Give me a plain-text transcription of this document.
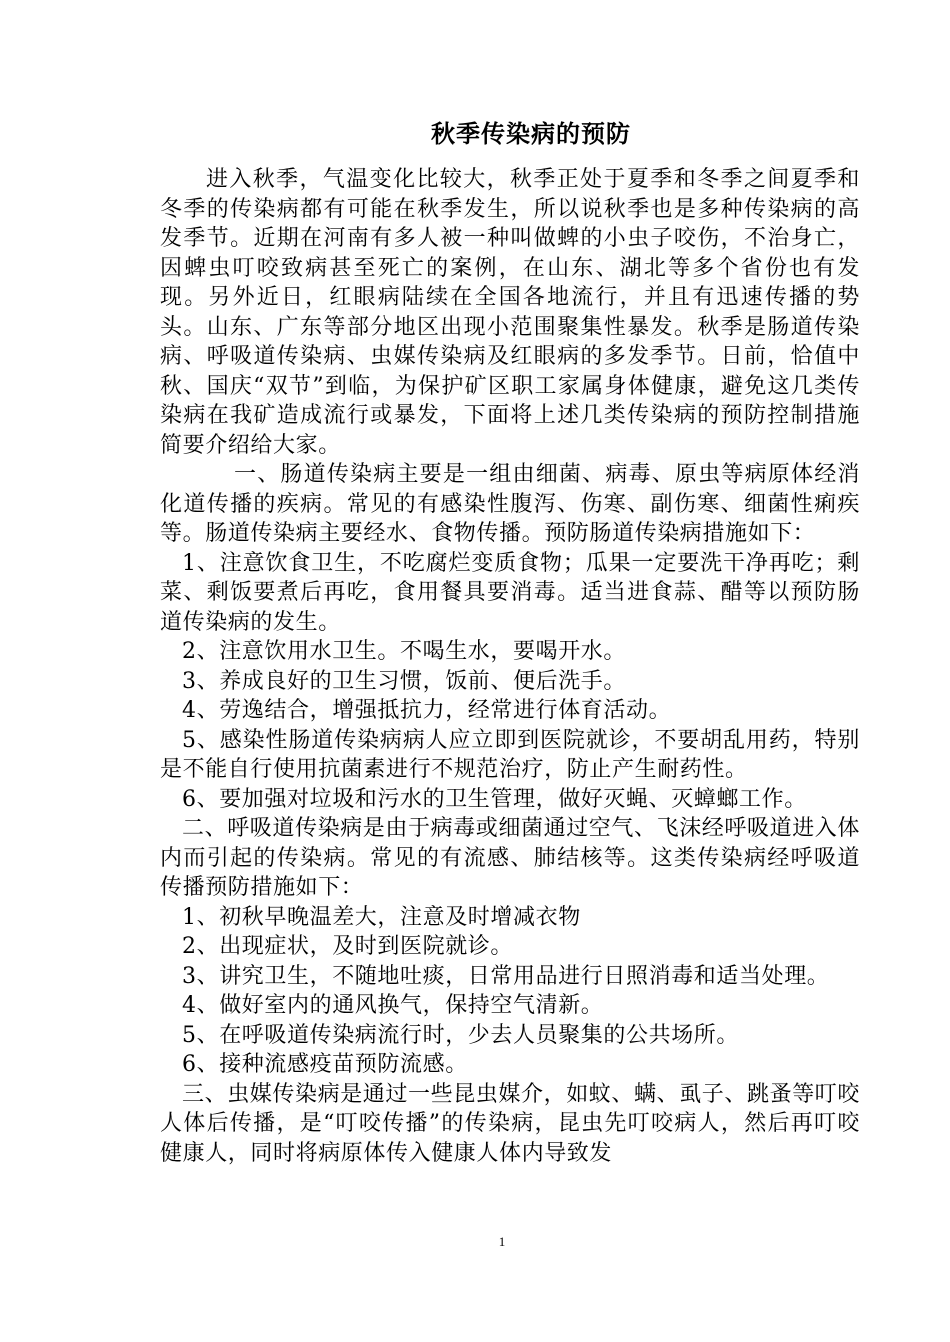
秋季传染病的预防

进入秋季，气温变化比较大，秋季正处于夏季和冬季之间夏季和冬季的传染病都有可能在秋季发生，所以说秋季也是多种传染病的高发季节。近期在河南有多人被一种叫做蜱的小虫子咬伤，不治身亡，因蜱虫叮咬致病甚至死亡的案例，在山东、湖北等多个省份也有发现。另外近日，红眼病陆续在全国各地流行，并且有迅速传播的势头。山东、广东等部分地区出现小范围聚集性暴发。秋季是肠道传染病、呼吸道传染病、虫媒传染病及红眼病的多发季节。日前，恰值中秋、国庆“双节”到临，为保护矿区职工家属身体健康，避免这几类传染病在我矿造成流行或暴发，下面将上述几类传染病的预防控制措施简要介绍给大家。

一、肠道传染病主要是一组由细菌、病毒、原虫等病原体经消化道传播的疾病。常见的有感染性腹泻、伤寒、副伤寒、细菌性痢疾等。肠道传染病主要经水、食物传播。预防肠道传染病措施如下：

1、注意饮食卫生，不吃腐烂变质食物；瓜果一定要洗干净再吃；剩菜、剩饭要煮后再吃，食用餐具要消毒。适当进食蒜、醋等以预防肠道传染病的发生。

2、注意饮用水卫生。不喝生水，要喝开水。

3、养成良好的卫生习惯，饭前、便后洗手。

4、劳逸结合，增强抵抗力，经常进行体育活动。

5、感染性肠道传染病病人应立即到医院就诊，不要胡乱用药，特别是不能自行使用抗菌素进行不规范治疗，防止产生耐药性。

6、要加强对垃圾和污水的卫生管理，做好灭蝇、灭蟑螂工作。

二、呼吸道传染病是由于病毒或细菌通过空气、飞沫经呼吸道进入体内而引起的传染病。常见的有流感、肺结核等。这类传染病经呼吸道传播预防措施如下：

1、初秋早晚温差大，注意及时增减衣物

2、出现症状，及时到医院就诊。

3、讲究卫生，不随地吐痰，日常用品进行日照消毒和适当处理。

4、做好室内的通风换气，保持空气清新。

5、在呼吸道传染病流行时，少去人员聚集的公共场所。

6、接种流感疫苗预防流感。

三、虫媒传染病是通过一些昆虫媒介，如蚊、螨、虱子、跳蚤等叮咬人体后传播，是“叮咬传播”的传染病，昆虫先叮咬病人，然后再叮咬健康人，同时将病原体传入健康人体内导致发

1
